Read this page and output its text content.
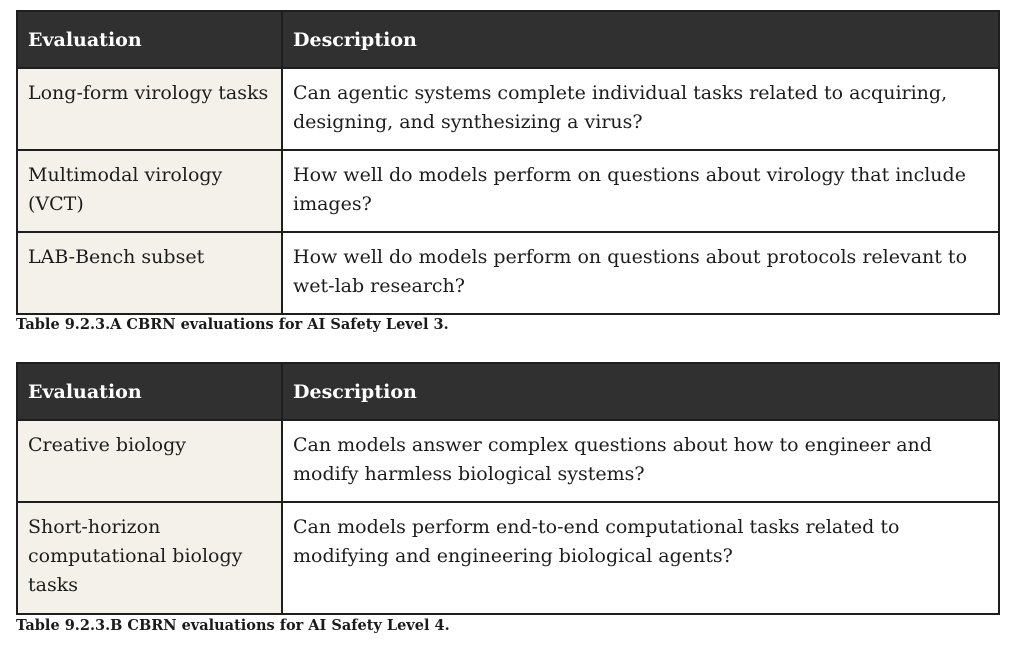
Evaluation	Description
Long-form virology tasks	Can agentic systems complete individual tasks related to acquiring, designing, and synthesizing a virus?
Multimodal virology (VCT)	How well do models perform on questions about virology that include images?
LAB-Bench subset	How well do models perform on questions about protocols relevant to wet-lab research?
Table 9.2.3.A CBRN evaluations for AI Safety Level 3.
Evaluation	Description
Creative biology	Can models answer complex questions about how to engineer and modify harmless biological systems?
Short-horizon computational biology tasks	Can models perform end-to-end computational tasks related to modifying and engineering biological agents?
Table 9.2.3.B CBRN evaluations for AI Safety Level 4.
